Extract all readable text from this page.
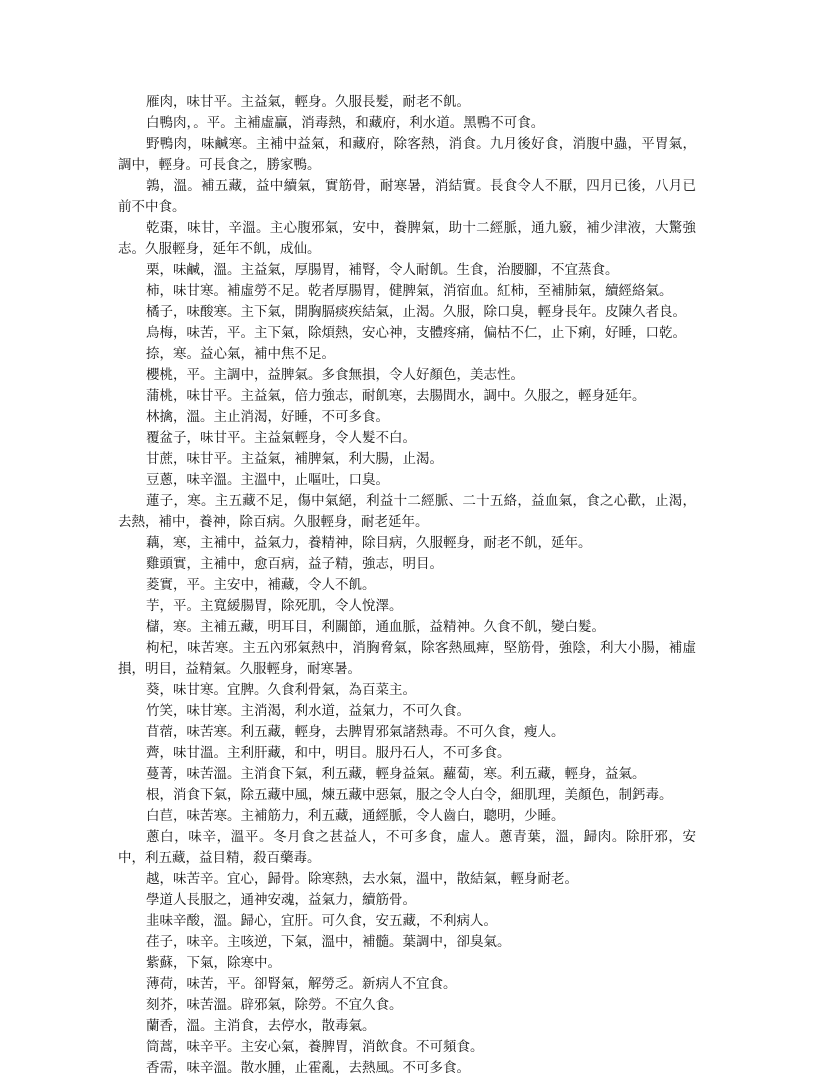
雁肉，味甘平。主益氣，輕身。久服長髮，耐老不飢。

白鴨肉，。平。主補虛贏，消毒熱，和藏府，利水道。黑鴨不可食。

野鴨肉，味鹹寒。主補中益氣，和藏府，除客熱，消食。九月後好食，消腹中蟲，平胃氣，調中，輕身。可長食之，勝家鴨。

鶉，溫。補五藏，益中續氣，實筋骨，耐寒暑，消結實。長食令人不厭，四月已後，八月已前不中食。

乾棗，味甘，辛溫。主心腹邪氣，安中，養脾氣，助十二經脈，通九竅，補少津液，大驚強志。久服輕身，延年不飢，成仙。

栗，味鹹，溫。主益氣，厚腸胃，補腎，令人耐飢。生食，治腰腳，不宜蒸食。

柿，味甘寒。補虛勞不足。乾者厚腸胃，健脾氣，消宿血。紅柿，至補肺氣，續經絡氣。

橘子，味酸寒。主下氣，開胸膈痰疾結氣，止渴。久服，除口臭，輕身長年。皮陳久者良。

烏梅，味苦，平。主下氣，除煩熱，安心神，支體疼痛，偏枯不仁，止下痢，好睡，口乾。

捺，寒。益心氣，補中焦不足。

櫻桃，平。主調中，益脾氣。多食無損，令人好顏色，美志性。

蒲桃，味甘平。主益氣，倍力強志，耐飢寒，去腸間水，調中。久服之，輕身延年。

林擒，溫。主止消渴，好睡，不可多食。

覆盆子，味甘平。主益氣輕身，令人髮不白。

甘蔗，味甘平。主益氣，補脾氣，利大腸，止渴。

豆蔥，味辛溫。主溫中，止嘔吐，口臭。

蓮子，寒。主五藏不足，傷中氣絕，利益十二經脈、二十五絡，益血氣，食之心歡，止渴，去熱，補中，養神，除百病。久服輕身，耐老延年。

藕，寒，主補中，益氣力，養精神，除目病，久服輕身，耐老不飢，延年。

雞頭實，主補中，愈百病，益子精，強志，明目。

菱實，平。主安中，補藏，令人不飢。

芋，平。主寬緩腸胃，除死肌，令人悅澤。

櫧，寒。主補五藏，明耳目，利關節，通血脈，益精神。久食不飢，變白髮。

枸杞，味苦寒。主五內邪氣熱中，消胸脅氣，除客熱風痺，堅筋骨，強陰，利大小腸，補虛損，明目，益精氣。久服輕身，耐寒暑。

葵，味甘寒。宜脾。久食利骨氣，為百菜主。

竹笑，味甘寒。主消渴，利水道，益氣力，不可久食。

苜蓿，味苦寒。利五藏，輕身，去脾胃邪氣諸熱毒。不可久食，瘦人。

薺，味甘溫。主利肝藏，和中，明目。服丹石人，不可多食。

蔓菁，味苦溫。主消食下氣，利五藏，輕身益氣。蘿蔔，寒。利五藏，輕身，益氣。

根，消食下氣，除五藏中風，煉五藏中惡氣，服之令人白令，細肌理，美顏色，制鈣毒。

白苣，味苦寒。主補筋力，利五藏，通經脈，令人齒白，聰明，少睡。

蔥白，味辛，溫平。冬月食之甚益人，不可多食，虛人。蔥青葉，溫，歸肉。除肝邪，安中，利五藏，益目精，殺百藥毒。

越，味苦辛。宜心，歸骨。除寒熱，去水氣，溫中，散結氣，輕身耐老。

學道人長服之，通神安魂，益氣力，續筋骨。

韭味辛酸，溫。歸心，宜肝。可久食，安五藏，不利病人。

荏子，味辛。主咳逆，下氣，溫中，補髓。葉調中，卻臭氣。

紫蘇，下氣，除寒中。

薄荷，味苦，平。卻腎氣，解勞乏。新病人不宜食。

刻芥，味苦溫。辟邪氣，除勞。不宜久食。

蘭香，溫。主消食，去停水，散毒氣。

筒蒿，味辛平。主安心氣，養脾胃，消飲食。不可頻食。

香需，味辛溫。散水腫，止霍亂，去熱風。不可多食。
